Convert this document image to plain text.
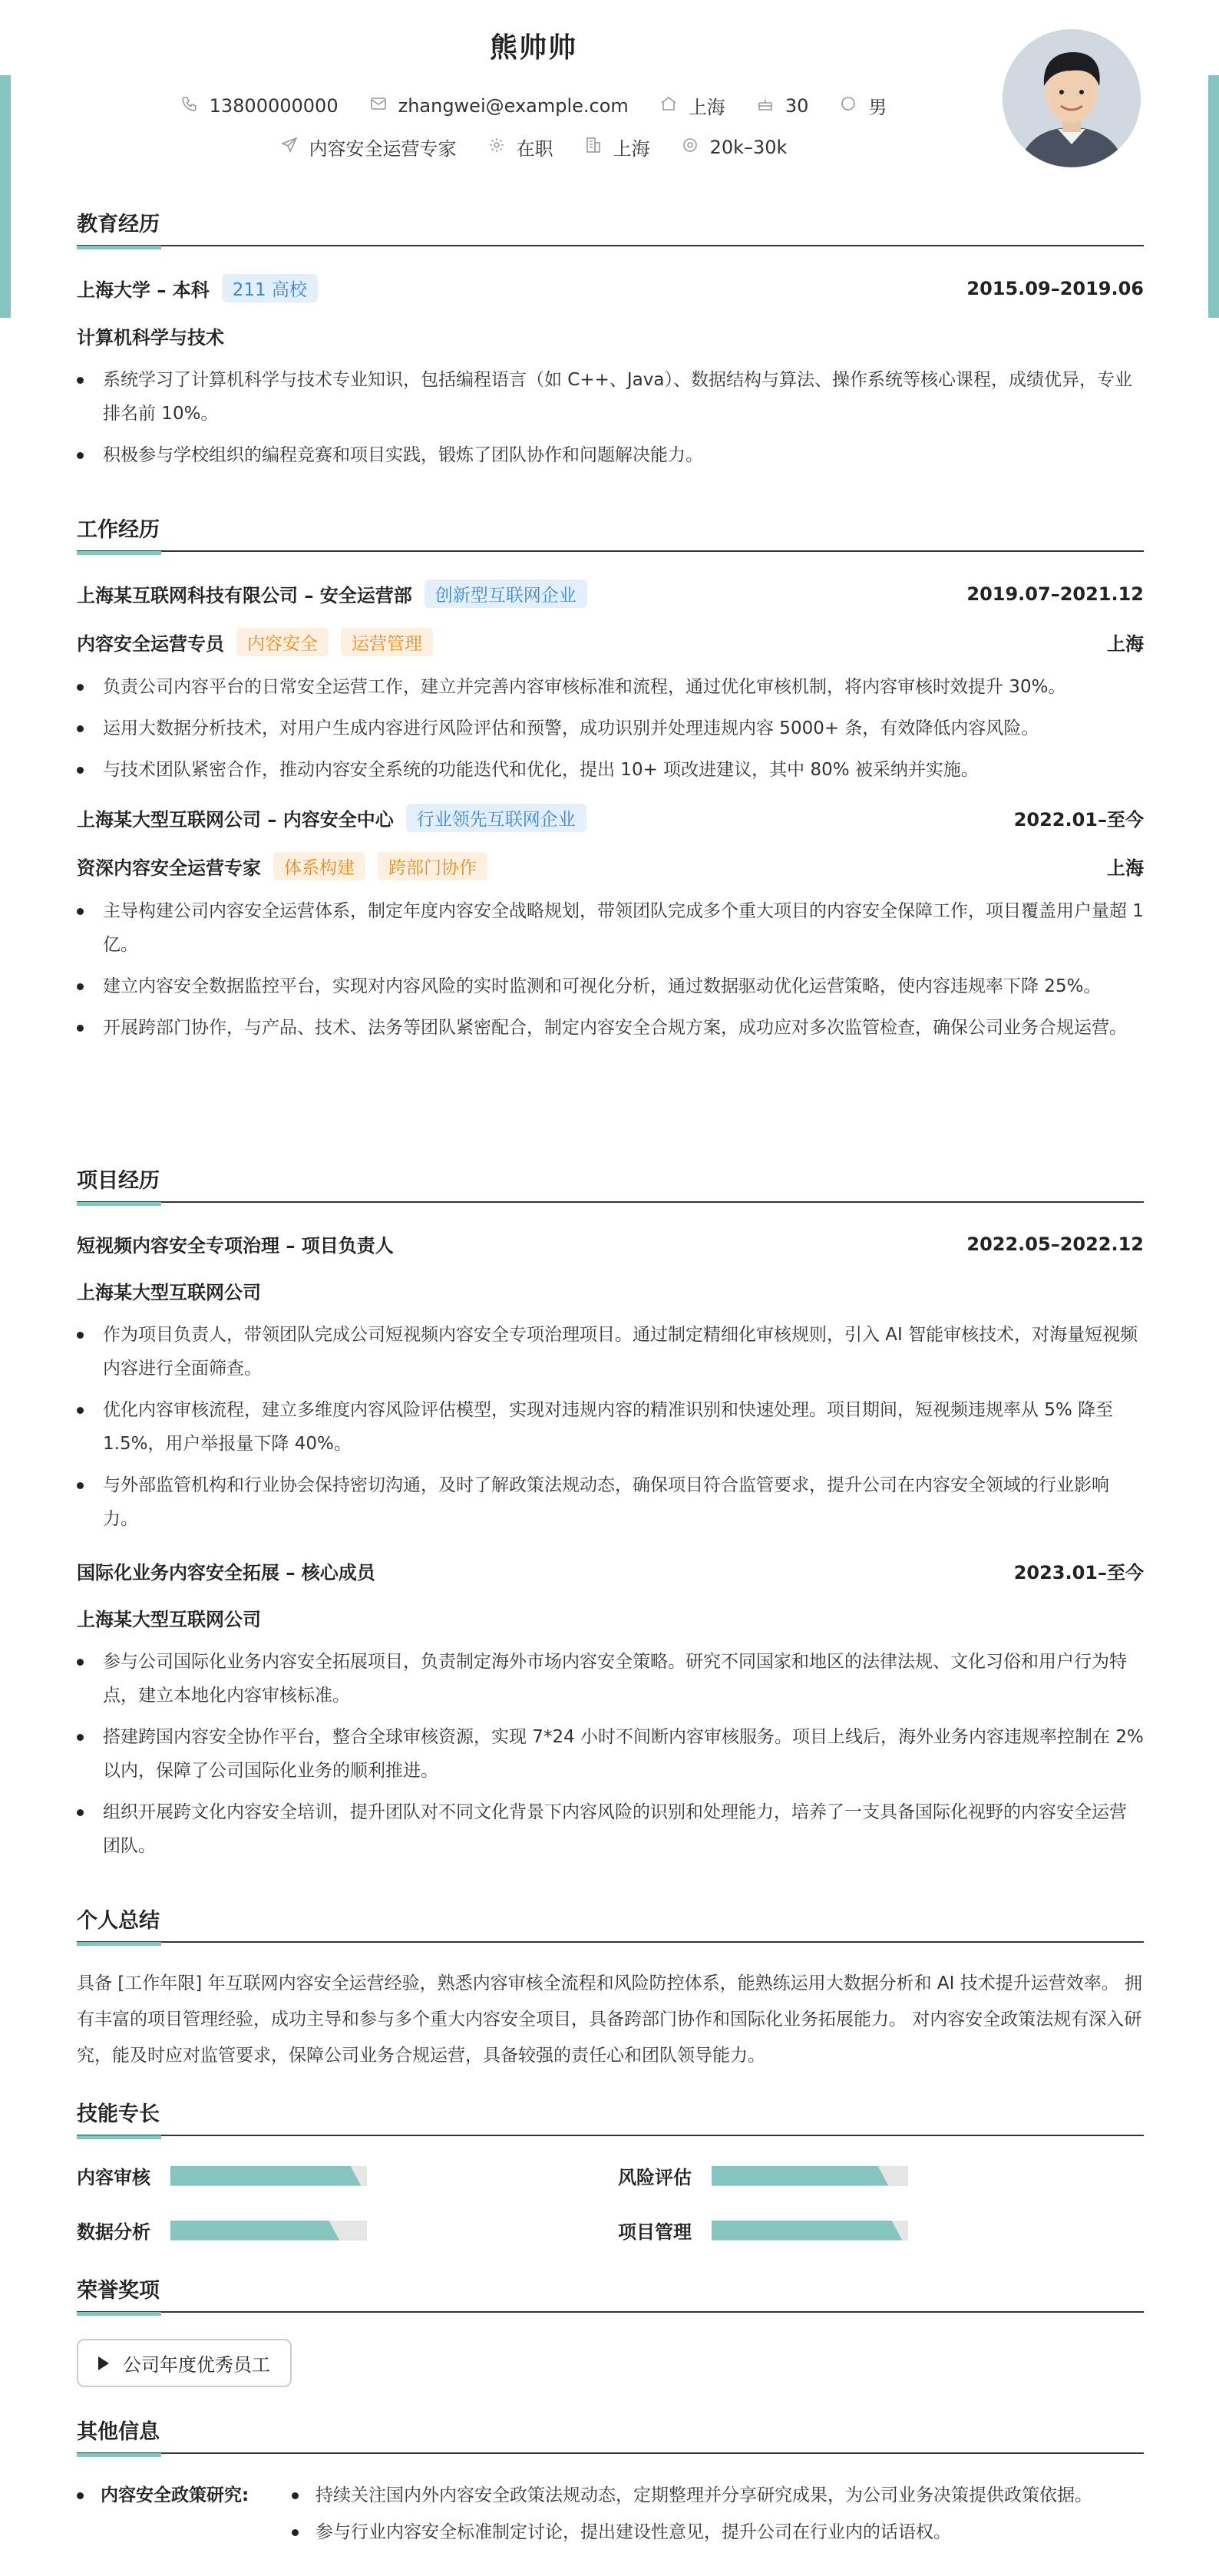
熊帅帅
13800000000	zhangwei@example.com	上海	30	男
内容安全运营专家	在职	上海	20k–30k
教育经历
上海大学 – 本科	211 高校	2015.09–2019.06
计算机科学与技术
系统学习了计算机科学与技术专业知识，包括编程语言（如 C++、Java）、数据结构与算法、操作系统等核心课程，成绩优异，专业排名前 10%。
积极参与学校组织的编程竞赛和项目实践，锻炼了团队协作和问题解决能力。
工作经历
上海某互联网科技有限公司 – 安全运营部	创新型互联网企业	2019.07–2021.12
内容安全运营专员	内容安全	运营管理	上海
负责公司内容平台的日常安全运营工作，建立并完善内容审核标准和流程，通过优化审核机制，将内容审核时效提升 30%。
运用大数据分析技术，对用户生成内容进行风险评估和预警，成功识别并处理违规内容 5000+ 条，有效降低内容风险。
与技术团队紧密合作，推动内容安全系统的功能迭代和优化，提出 10+ 项改进建议，其中 80% 被采纳并实施。
上海某大型互联网公司 – 内容安全中心	行业领先互联网企业	2022.01–至今
资深内容安全运营专家	体系构建	跨部门协作	上海
主导构建公司内容安全运营体系，制定年度内容安全战略规划，带领团队完成多个重大项目的内容安全保障工作，项目覆盖用户量超 1 亿。
建立内容安全数据监控平台，实现对内容风险的实时监测和可视化分析，通过数据驱动优化运营策略，使内容违规率下降 25%。
开展跨部门协作，与产品、技术、法务等团队紧密配合，制定内容安全合规方案，成功应对多次监管检查，确保公司业务合规运营。
项目经历
短视频内容安全专项治理 – 项目负责人	2022.05–2022.12
上海某大型互联网公司
作为项目负责人，带领团队完成公司短视频内容安全专项治理项目。通过制定精细化审核规则，引入 AI 智能审核技术，对海量短视频内容进行全面筛查。
优化内容审核流程，建立多维度内容风险评估模型，实现对违规内容的精准识别和快速处理。项目期间，短视频违规率从 5% 降至 1.5%，用户举报量下降 40%。
与外部监管机构和行业协会保持密切沟通，及时了解政策法规动态，确保项目符合监管要求，提升公司在内容安全领域的行业影响力。
国际化业务内容安全拓展 – 核心成员	2023.01–至今
上海某大型互联网公司
参与公司国际化业务内容安全拓展项目，负责制定海外市场内容安全策略。研究不同国家和地区的法律法规、文化习俗和用户行为特点，建立本地化内容审核标准。
搭建跨国内容安全协作平台，整合全球审核资源，实现 7*24 小时不间断内容审核服务。项目上线后，海外业务内容违规率控制在 2% 以内，保障了公司国际化业务的顺利推进。
组织开展跨文化内容安全培训，提升团队对不同文化背景下内容风险的识别和处理能力，培养了一支具备国际化视野的内容安全运营团队。
个人总结
具备 [工作年限] 年互联网内容安全运营经验，熟悉内容审核全流程和风险防控体系，能熟练运用大数据分析和 AI 技术提升运营效率。 拥有丰富的项目管理经验，成功主导和参与多个重大内容安全项目，具备跨部门协作和国际化业务拓展能力。 对内容安全政策法规有深入研究，能及时应对监管要求，保障公司业务合规运营，具备较强的责任心和团队领导能力。
技能专长
内容审核	风险评估
数据分析	项目管理
荣誉奖项
公司年度优秀员工
其他信息
内容安全政策研究:	持续关注国内外内容安全政策法规动态，定期整理并分享研究成果，为公司业务决策提供政策依据。
参与行业内容安全标准制定讨论，提出建设性意见，提升公司在行业内的话语权。
